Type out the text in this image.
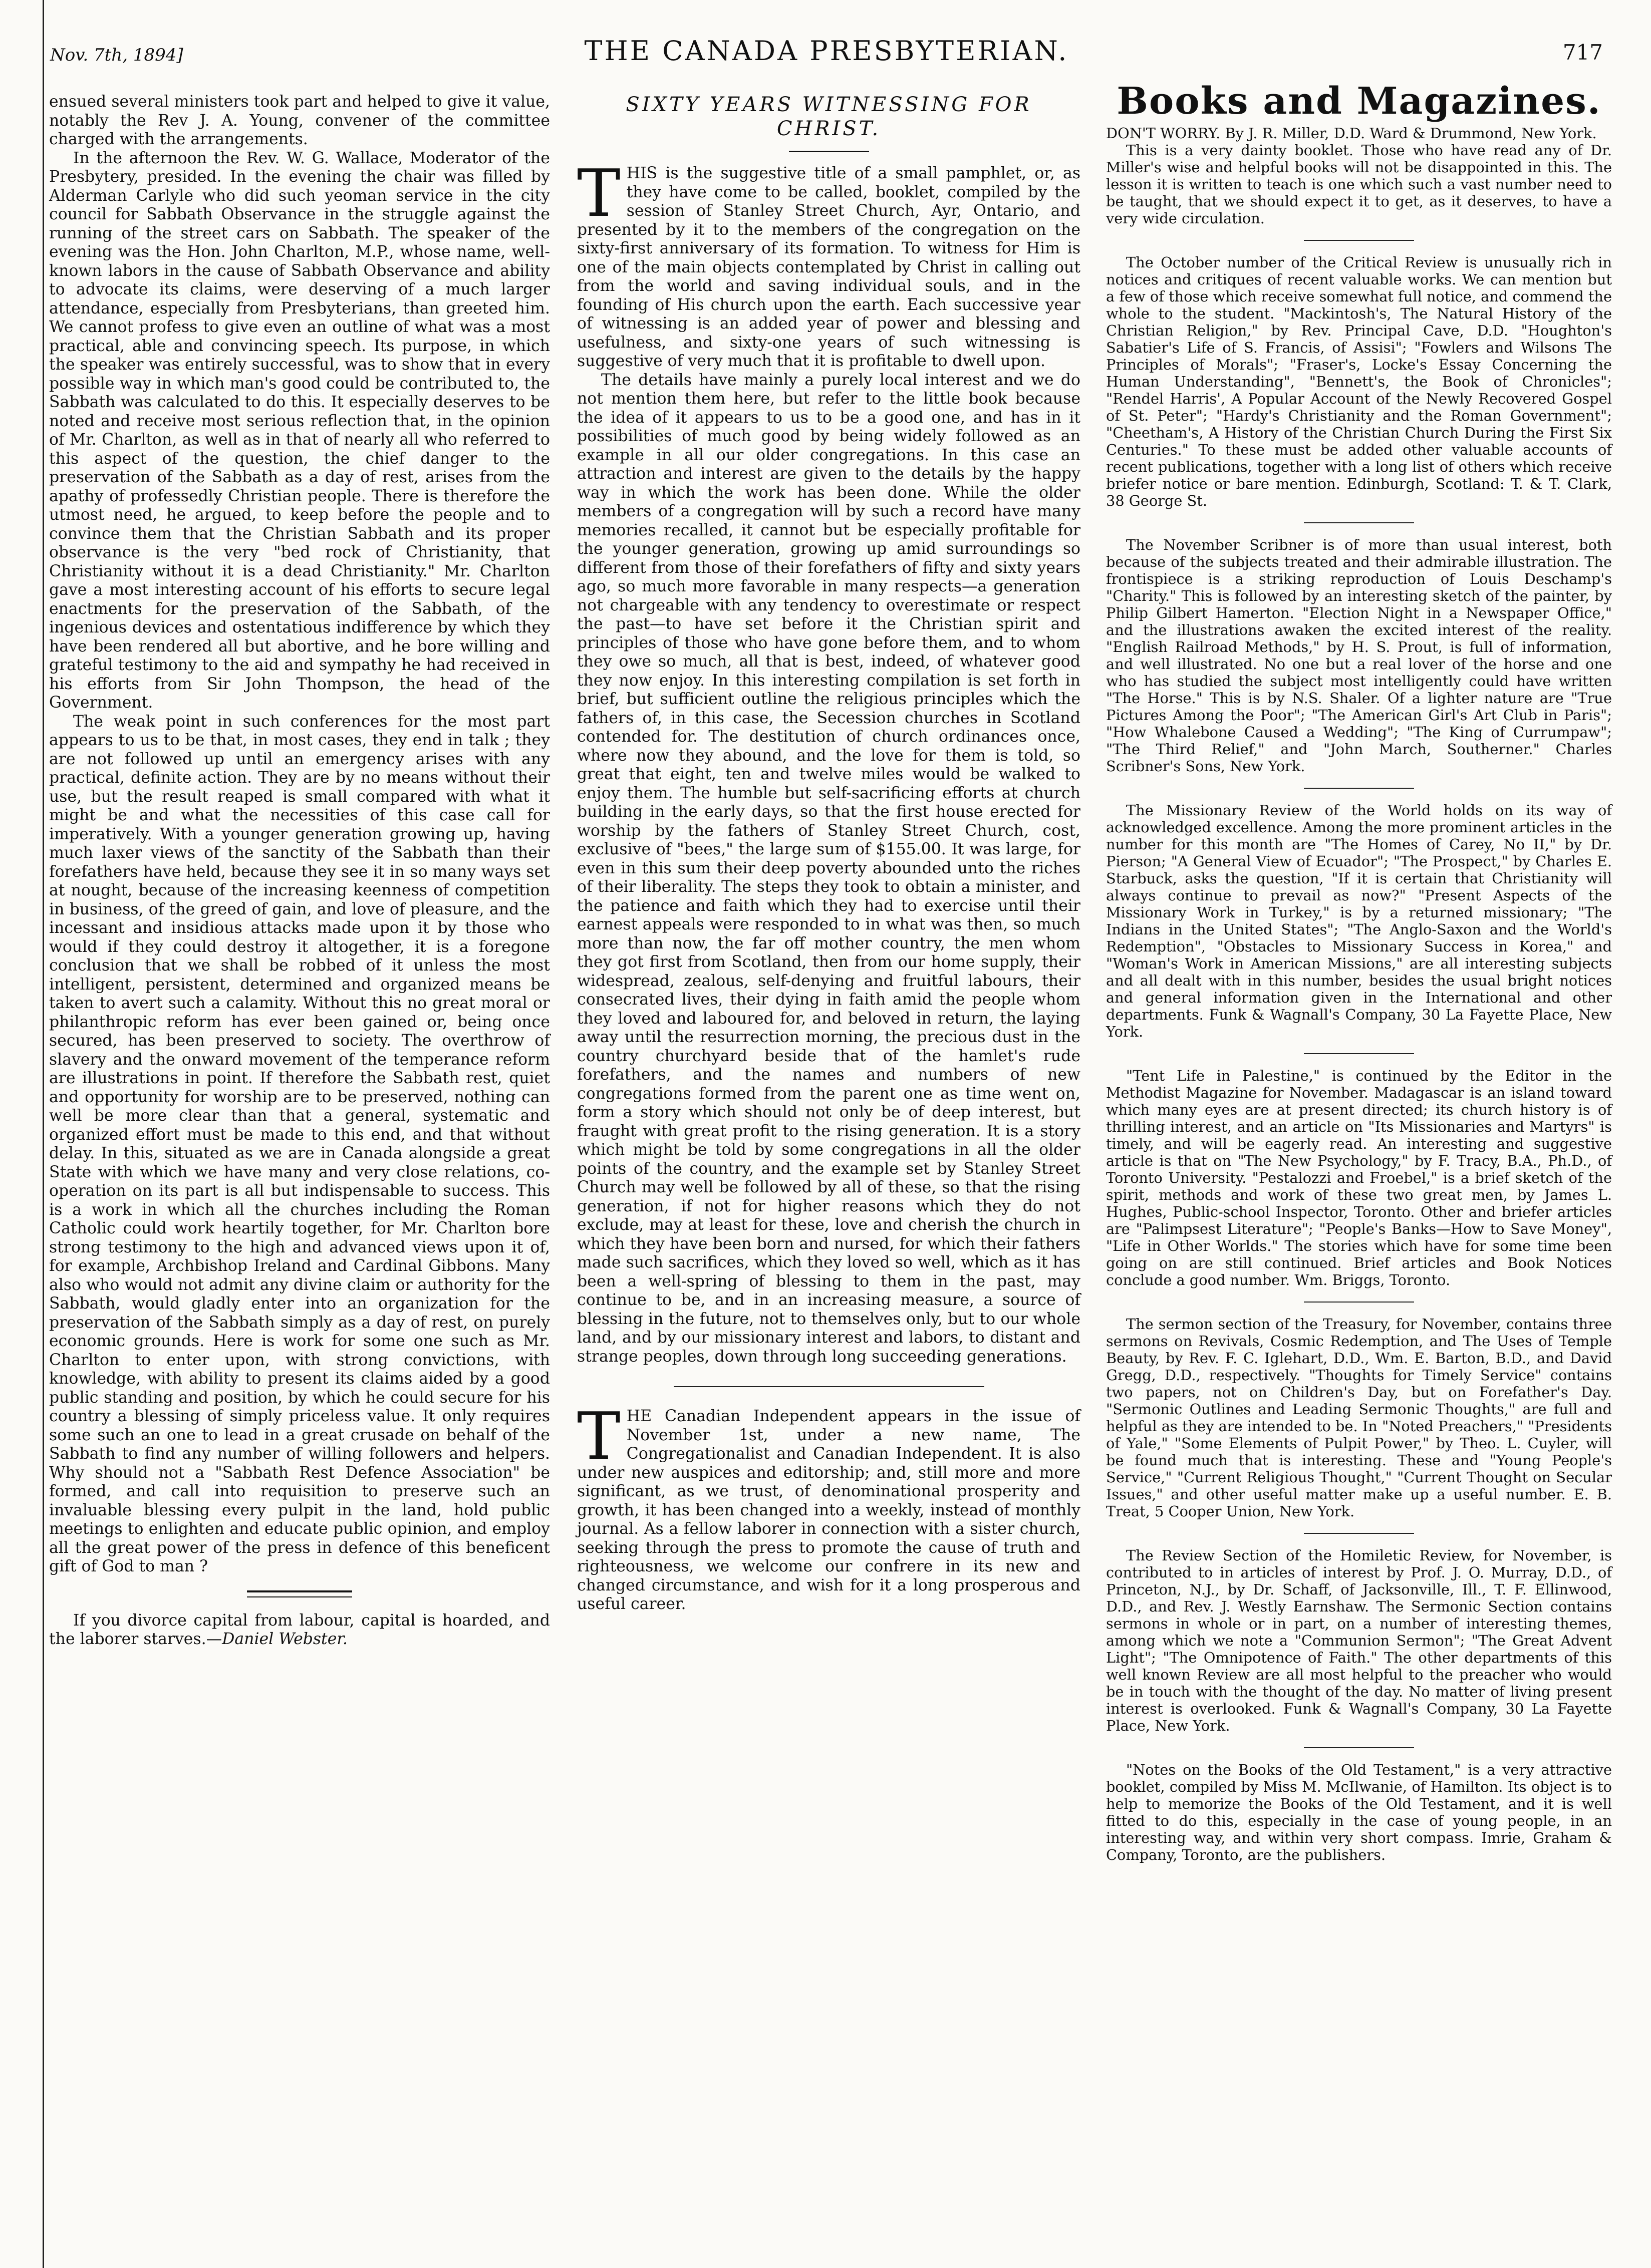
Nov. 7th, 1894]	THE CANADA PRESBYTERIAN.	717

ensued several ministers took part and helped to give it value, notably the Rev J. A. Young, convener of the committee charged with the arrangements.

In the afternoon the Rev. W. G. Wallace, Moderator of the Presbytery, presided. In the evening the chair was filled by Alderman Carlyle who did such yeoman service in the city council for Sabbath Observance in the struggle against the running of the street cars on Sabbath. The speaker of the evening was the Hon. John Charlton, M.P., whose name, well-known labors in the cause of Sabbath Observance and ability to advocate its claims, were deserving of a much larger attendance, especially from Presbyterians, than greeted him. We cannot profess to give even an outline of what was a most practical, able and convincing speech. Its purpose, in which the speaker was entirely successful, was to show that in every possible way in which man's good could be contributed to, the Sabbath was calculated to do this. It especially deserves to be noted and receive most serious reflection that, in the opinion of Mr. Charlton, as well as in that of nearly all who referred to this aspect of the question, the chief danger to the preservation of the Sabbath as a day of rest, arises from the apathy of professedly Christian people. There is therefore the utmost need, he argued, to keep before the people and to convince them that the Christian Sabbath and its proper observance is the very "bed rock of Christianity, that Christianity without it is a dead Christianity." Mr. Charlton gave a most interesting account of his efforts to secure legal enactments for the preservation of the Sabbath, of the ingenious devices and ostentatious indifference by which they have been rendered all but abortive, and he bore willing and grateful testimony to the aid and sympathy he had received in his efforts from Sir John Thompson, the head of the Government.

The weak point in such conferences for the most part appears to us to be that, in most cases, they end in talk ; they are not followed up until an emergency arises with any practical, definite action. They are by no means without their use, but the result reaped is small compared with what it might be and what the necessities of this case call for imperatively. With a younger generation growing up, having much laxer views of the sanctity of the Sabbath than their forefathers have held, because they see it in so many ways set at nought, because of the increasing keenness of competition in business, of the greed of gain, and love of pleasure, and the incessant and insidious attacks made upon it by those who would if they could destroy it altogether, it is a foregone conclusion that we shall be robbed of it unless the most intelligent, persistent, determined and organized means be taken to avert such a calamity. Without this no great moral or philanthropic reform has ever been gained or, being once secured, has been preserved to society. The overthrow of slavery and the onward movement of the temperance reform are illustrations in point. If therefore the Sabbath rest, quiet and opportunity for worship are to be preserved, nothing can well be more clear than that a general, systematic and organized effort must be made to this end, and that without delay. In this, situated as we are in Canada alongside a great State with which we have many and very close relations, co-operation on its part is all but indispensable to success. This is a work in which all the churches including the Roman Catholic could work heartily together, for Mr. Charlton bore strong testimony to the high and advanced views upon it of, for example, Archbishop Ireland and Cardinal Gibbons. Many also who would not admit any divine claim or authority for the Sabbath, would gladly enter into an organization for the preservation of the Sabbath simply as a day of rest, on purely economic grounds. Here is work for some one such as Mr. Charlton to enter upon, with strong convictions, with knowledge, with ability to present its claims aided by a good public standing and position, by which he could secure for his country a blessing of simply priceless value. It only requires some such an one to lead in a great crusade on behalf of the Sabbath to find any number of willing followers and helpers. Why should not a "Sabbath Rest Defence Association" be formed, and call into requisition to preserve such an invaluable blessing every pulpit in the land, hold public meetings to enlighten and educate public opinion, and employ all the great power of the press in defence of this beneficent gift of God to man ?

If you divorce capital from labour, capital is hoarded, and the laborer starves.—Daniel Webster.

SIXTY YEARS WITNESSING FOR CHRIST.

THIS is the suggestive title of a small pamphlet, or, as they have come to be called, booklet, compiled by the session of Stanley Street Church, Ayr, Ontario, and presented by it to the members of the congregation on the sixty-first anniversary of its formation. To witness for Him is one of the main objects contemplated by Christ in calling out from the world and saving individual souls, and in the founding of His church upon the earth. Each successive year of witnessing is an added year of power and blessing and usefulness, and sixty-one years of such witnessing is suggestive of very much that it is profitable to dwell upon.

The details have mainly a purely local interest and we do not mention them here, but refer to the little book because the idea of it appears to us to be a good one, and has in it possibilities of much good by being widely followed as an example in all our older congregations. In this case an attraction and interest are given to the details by the happy way in which the work has been done. While the older members of a congregation will by such a record have many memories recalled, it cannot but be especially profitable for the younger generation, growing up amid surroundings so different from those of their forefathers of fifty and sixty years ago, so much more favorable in many respects—a generation not chargeable with any tendency to overestimate or respect the past—to have set before it the Christian spirit and principles of those who have gone before them, and to whom they owe so much, all that is best, indeed, of whatever good they now enjoy. In this interesting compilation is set forth in brief, but sufficient outline the religious principles which the fathers of, in this case, the Secession churches in Scotland contended for. The destitution of church ordinances once, where now they abound, and the love for them is told, so great that eight, ten and twelve miles would be walked to enjoy them. The humble but self-sacrificing efforts at church building in the early days, so that the first house erected for worship by the fathers of Stanley Street Church, cost, exclusive of "bees," the large sum of $155.00. It was large, for even in this sum their deep poverty abounded unto the riches of their liberality. The steps they took to obtain a minister, and the patience and faith which they had to exercise until their earnest appeals were responded to in what was then, so much more than now, the far off mother country, the men whom they got first from Scotland, then from our home supply, their widespread, zealous, self-denying and fruitful labours, their consecrated lives, their dying in faith amid the people whom they loved and laboured for, and beloved in return, the laying away until the resurrection morning, the precious dust in the country churchyard beside that of the hamlet's rude forefathers, and the names and numbers of new congregations formed from the parent one as time went on, form a story which should not only be of deep interest, but fraught with great profit to the rising generation. It is a story which might be told by some congregations in all the older points of the country, and the example set by Stanley Street Church may well be followed by all of these, so that the rising generation, if not for higher reasons which they do not exclude, may at least for these, love and cherish the church in which they have been born and nursed, for which their fathers made such sacrifices, which they loved so well, which as it has been a well-spring of blessing to them in the past, may continue to be, and in an increasing measure, a source of blessing in the future, not to themselves only, but to our whole land, and by our missionary interest and labors, to distant and strange peoples, down through long succeeding generations.

THE Canadian Independent appears in the issue of November 1st, under a new name, The Congregationalist and Canadian Independent. It is also under new auspices and editorship; and, still more and more significant, as we trust, of denominational prosperity and growth, it has been changed into a weekly, instead of monthly journal. As a fellow laborer in connection with a sister church, seeking through the press to promote the cause of truth and righteousness, we welcome our confrere in its new and changed circumstance, and wish for it a long prosperous and useful career.

Books and Magazines.

DON'T WORRY. By J. R. Miller, D.D. Ward & Drummond, New York.

This is a very dainty booklet. Those who have read any of Dr. Miller's wise and helpful books will not be disappointed in this. The lesson it is written to teach is one which such a vast number need to be taught, that we should expect it to get, as it deserves, to have a very wide circulation.

The October number of the Critical Review is unusually rich in notices and critiques of recent valuable works. We can mention but a few of those which receive somewhat full notice, and commend the whole to the student. "Mackintosh's, The Natural History of the Christian Religion," by Rev. Principal Cave, D.D. "Houghton's Sabatier's Life of S. Francis, of Assisi"; "Fowlers and Wilsons The Principles of Morals"; "Fraser's, Locke's Essay Concerning the Human Understanding", "Bennett's, the Book of Chronicles"; "Rendel Harris', A Popular Account of the Newly Recovered Gospel of St. Peter"; "Hardy's Christianity and the Roman Government"; "Cheetham's, A History of the Christian Church During the First Six Centuries." To these must be added other valuable accounts of recent publications, together with a long list of others which receive briefer notice or bare mention. Edinburgh, Scotland: T. & T. Clark, 38 George St.

The November Scribner is of more than usual interest, both because of the subjects treated and their admirable illustration. The frontispiece is a striking reproduction of Louis Deschamp's "Charity." This is followed by an interesting sketch of the painter, by Philip Gilbert Hamerton. "Election Night in a Newspaper Office," and the illustrations awaken the excited interest of the reality. "English Railroad Methods," by H. S. Prout, is full of information, and well illustrated. No one but a real lover of the horse and one who has studied the subject most intelligently could have written "The Horse." This is by N.S. Shaler. Of a lighter nature are "True Pictures Among the Poor"; "The American Girl's Art Club in Paris"; "How Whalebone Caused a Wedding"; "The King of Currumpaw"; "The Third Relief," and "John March, Southerner." Charles Scribner's Sons, New York.

The Missionary Review of the World holds on its way of acknowledged excellence. Among the more prominent articles in the number for this month are "The Homes of Carey, No II," by Dr. Pierson; "A General View of Ecuador"; "The Prospect," by Charles E. Starbuck, asks the question, "If it is certain that Christianity will always continue to prevail as now?" "Present Aspects of the Missionary Work in Turkey," is by a returned missionary; "The Indians in the United States"; "The Anglo-Saxon and the World's Redemption", "Obstacles to Missionary Success in Korea," and "Woman's Work in American Missions," are all interesting subjects and all dealt with in this number, besides the usual bright notices and general information given in the International and other departments. Funk & Wagnall's Company, 30 La Fayette Place, New York.

"Tent Life in Palestine," is continued by the Editor in the Methodist Magazine for November. Madagascar is an island toward which many eyes are at present directed; its church history is of thrilling interest, and an article on "Its Missionaries and Martyrs" is timely, and will be eagerly read. An interesting and suggestive article is that on "The New Psychology," by F. Tracy, B.A., Ph.D., of Toronto University. "Pestalozzi and Froebel," is a brief sketch of the spirit, methods and work of these two great men, by James L. Hughes, Public-school Inspector, Toronto. Other and briefer articles are "Palimpsest Literature"; "People's Banks—How to Save Money", "Life in Other Worlds." The stories which have for some time been going on are still continued. Brief articles and Book Notices conclude a good number. Wm. Briggs, Toronto.

The sermon section of the Treasury, for November, contains three sermons on Revivals, Cosmic Redemption, and The Uses of Temple Beauty, by Rev. F. C. Iglehart, D.D., Wm. E. Barton, B.D., and David Gregg, D.D., respectively. "Thoughts for Timely Service" contains two papers, not on Children's Day, but on Forefather's Day. "Sermonic Outlines and Leading Sermonic Thoughts," are full and helpful as they are intended to be. In "Noted Preachers," "Presidents of Yale," "Some Elements of Pulpit Power," by Theo. L. Cuyler, will be found much that is interesting. These and "Young People's Service," "Current Religious Thought," "Current Thought on Secular Issues," and other useful matter make up a useful number. E. B. Treat, 5 Cooper Union, New York.

The Review Section of the Homiletic Review, for November, is contributed to in articles of interest by Prof. J. O. Murray, D.D., of Princeton, N.J., by Dr. Schaff, of Jacksonville, Ill., T. F. Ellinwood, D.D., and Rev. J. Westly Earnshaw. The Sermonic Section contains sermons in whole or in part, on a number of interesting themes, among which we note a "Communion Sermon"; "The Great Advent Light"; "The Omnipotence of Faith." The other departments of this well known Review are all most helpful to the preacher who would be in touch with the thought of the day. No matter of living present interest is overlooked. Funk & Wagnall's Company, 30 La Fayette Place, New York.

"Notes on the Books of the Old Testament," is a very attractive booklet, compiled by Miss M. McIlwanie, of Hamilton. Its object is to help to memorize the Books of the Old Testament, and it is well fitted to do this, especially in the case of young people, in an interesting way, and within very short compass. Imrie, Graham & Company, Toronto, are the publishers.
